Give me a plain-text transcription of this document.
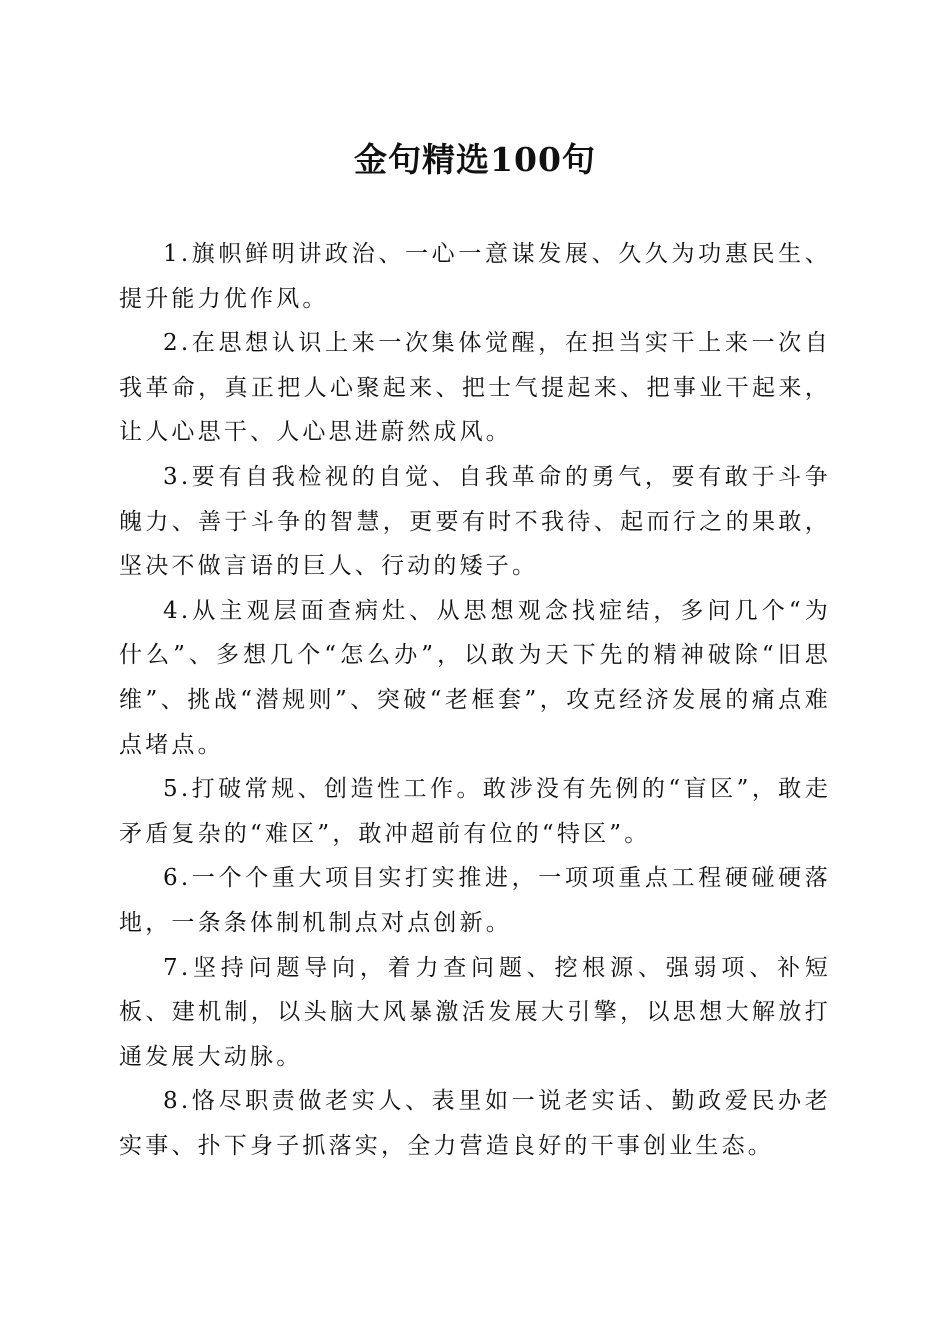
金句精选100句

1.旗帜鲜明讲政治、一心一意谋发展、久久为功惠民生、提升能力优作风。

2.在思想认识上来一次集体觉醒，在担当实干上来一次自我革命，真正把人心聚起来、把士气提起来、把事业干起来，让人心思干、人心思进蔚然成风。

3.要有自我检视的自觉、自我革命的勇气，要有敢于斗争魄力、善于斗争的智慧，更要有时不我待、起而行之的果敢，坚决不做言语的巨人、行动的矮子。

4.从主观层面查病灶、从思想观念找症结，多问几个“为什么”、多想几个“怎么办”，以敢为天下先的精神破除“旧思维”、挑战“潜规则”、突破“老框套”，攻克经济发展的痛点难点堵点。

5.打破常规、创造性工作。敢涉没有先例的“盲区”，敢走矛盾复杂的“难区”，敢冲超前有位的“特区”。

6.一个个重大项目实打实推进，一项项重点工程硬碰硬落地，一条条体制机制点对点创新。

7.坚持问题导向，着力查问题、挖根源、强弱项、补短板、建机制，以头脑大风暴激活发展大引擎，以思想大解放打通发展大动脉。

8.恪尽职责做老实人、表里如一说老实话、勤政爱民办老实事、扑下身子抓落实，全力营造良好的干事创业生态。
